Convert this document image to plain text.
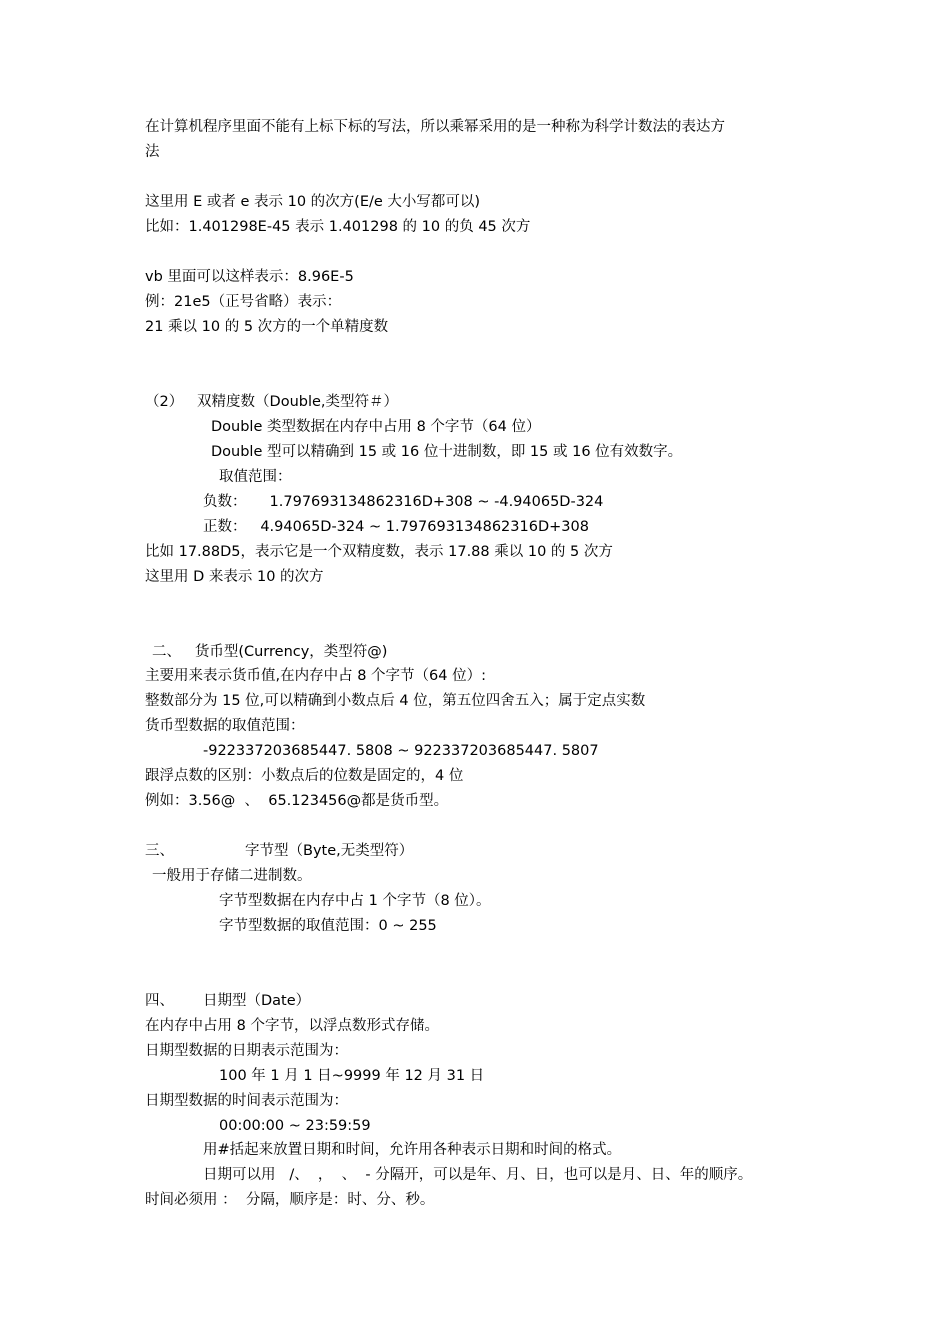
在计算机程序里面不能有上标下标的写法，所以乘幂采用的是一种称为科学计数法的表达方

法

这里用 E 或者 e 表示 10 的次方(E/e 大小写都可以)

比如：1.401298E-45 表示 1.401298 的 10 的负 45 次方

vb 里面可以这样表示：8.96E-5

例：21e5（正号省略）表示：

21 乘以 10 的 5 次方的一个单精度数

（2）   双精度数（Double,类型符＃）

Double 类型数据在内存中占用 8 个字节（64 位）

Double 型可以精确到 15 或 16 位十进制数，即 15 或 16 位有效数字。

取值范围：

负数：     1.797693134862316D+308 ~ -4.94065D-324

正数：   4.94065D-324 ~ 1.797693134862316D+308

比如 17.88D5，表示它是一个双精度数，表示 17.88 乘以 10 的 5 次方

这里用 D 来表示 10 的次方

二、   货币型(Currency，类型符@)

主要用来表示货币值,在内存中占 8 个字节（64 位）:

整数部分为 15 位,可以精确到小数点后 4 位，第五位四舍五入；属于定点实数

货币型数据的取值范围：

-922337203685447. 5808 ~ 922337203685447. 5807

跟浮点数的区别：小数点后的位数是固定的，4 位

例如：3.56@  、  65.123456@都是货币型。

三、	字节型（Byte,无类型符）

一般用于存储二进制数。

字节型数据在内存中占 1 个字节（8 位）。

字节型数据的取值范围：0 ~ 255

四、 日期型（Date）

在内存中占用 8 个字节，以浮点数形式存储。

日期型数据的日期表示范围为：

100 年 1 月 1 日~9999 年 12 月 31 日

日期型数据的时间表示范围为：

00:00:00 ~ 23:59:59

用#括起来放置日期和时间，允许用各种表示日期和时间的格式。

日期可以用   /、  ，  、  - 分隔开，可以是年、月、日，也可以是月、日、年的顺序。

时间必须用 ：  分隔，顺序是：时、分、秒。
